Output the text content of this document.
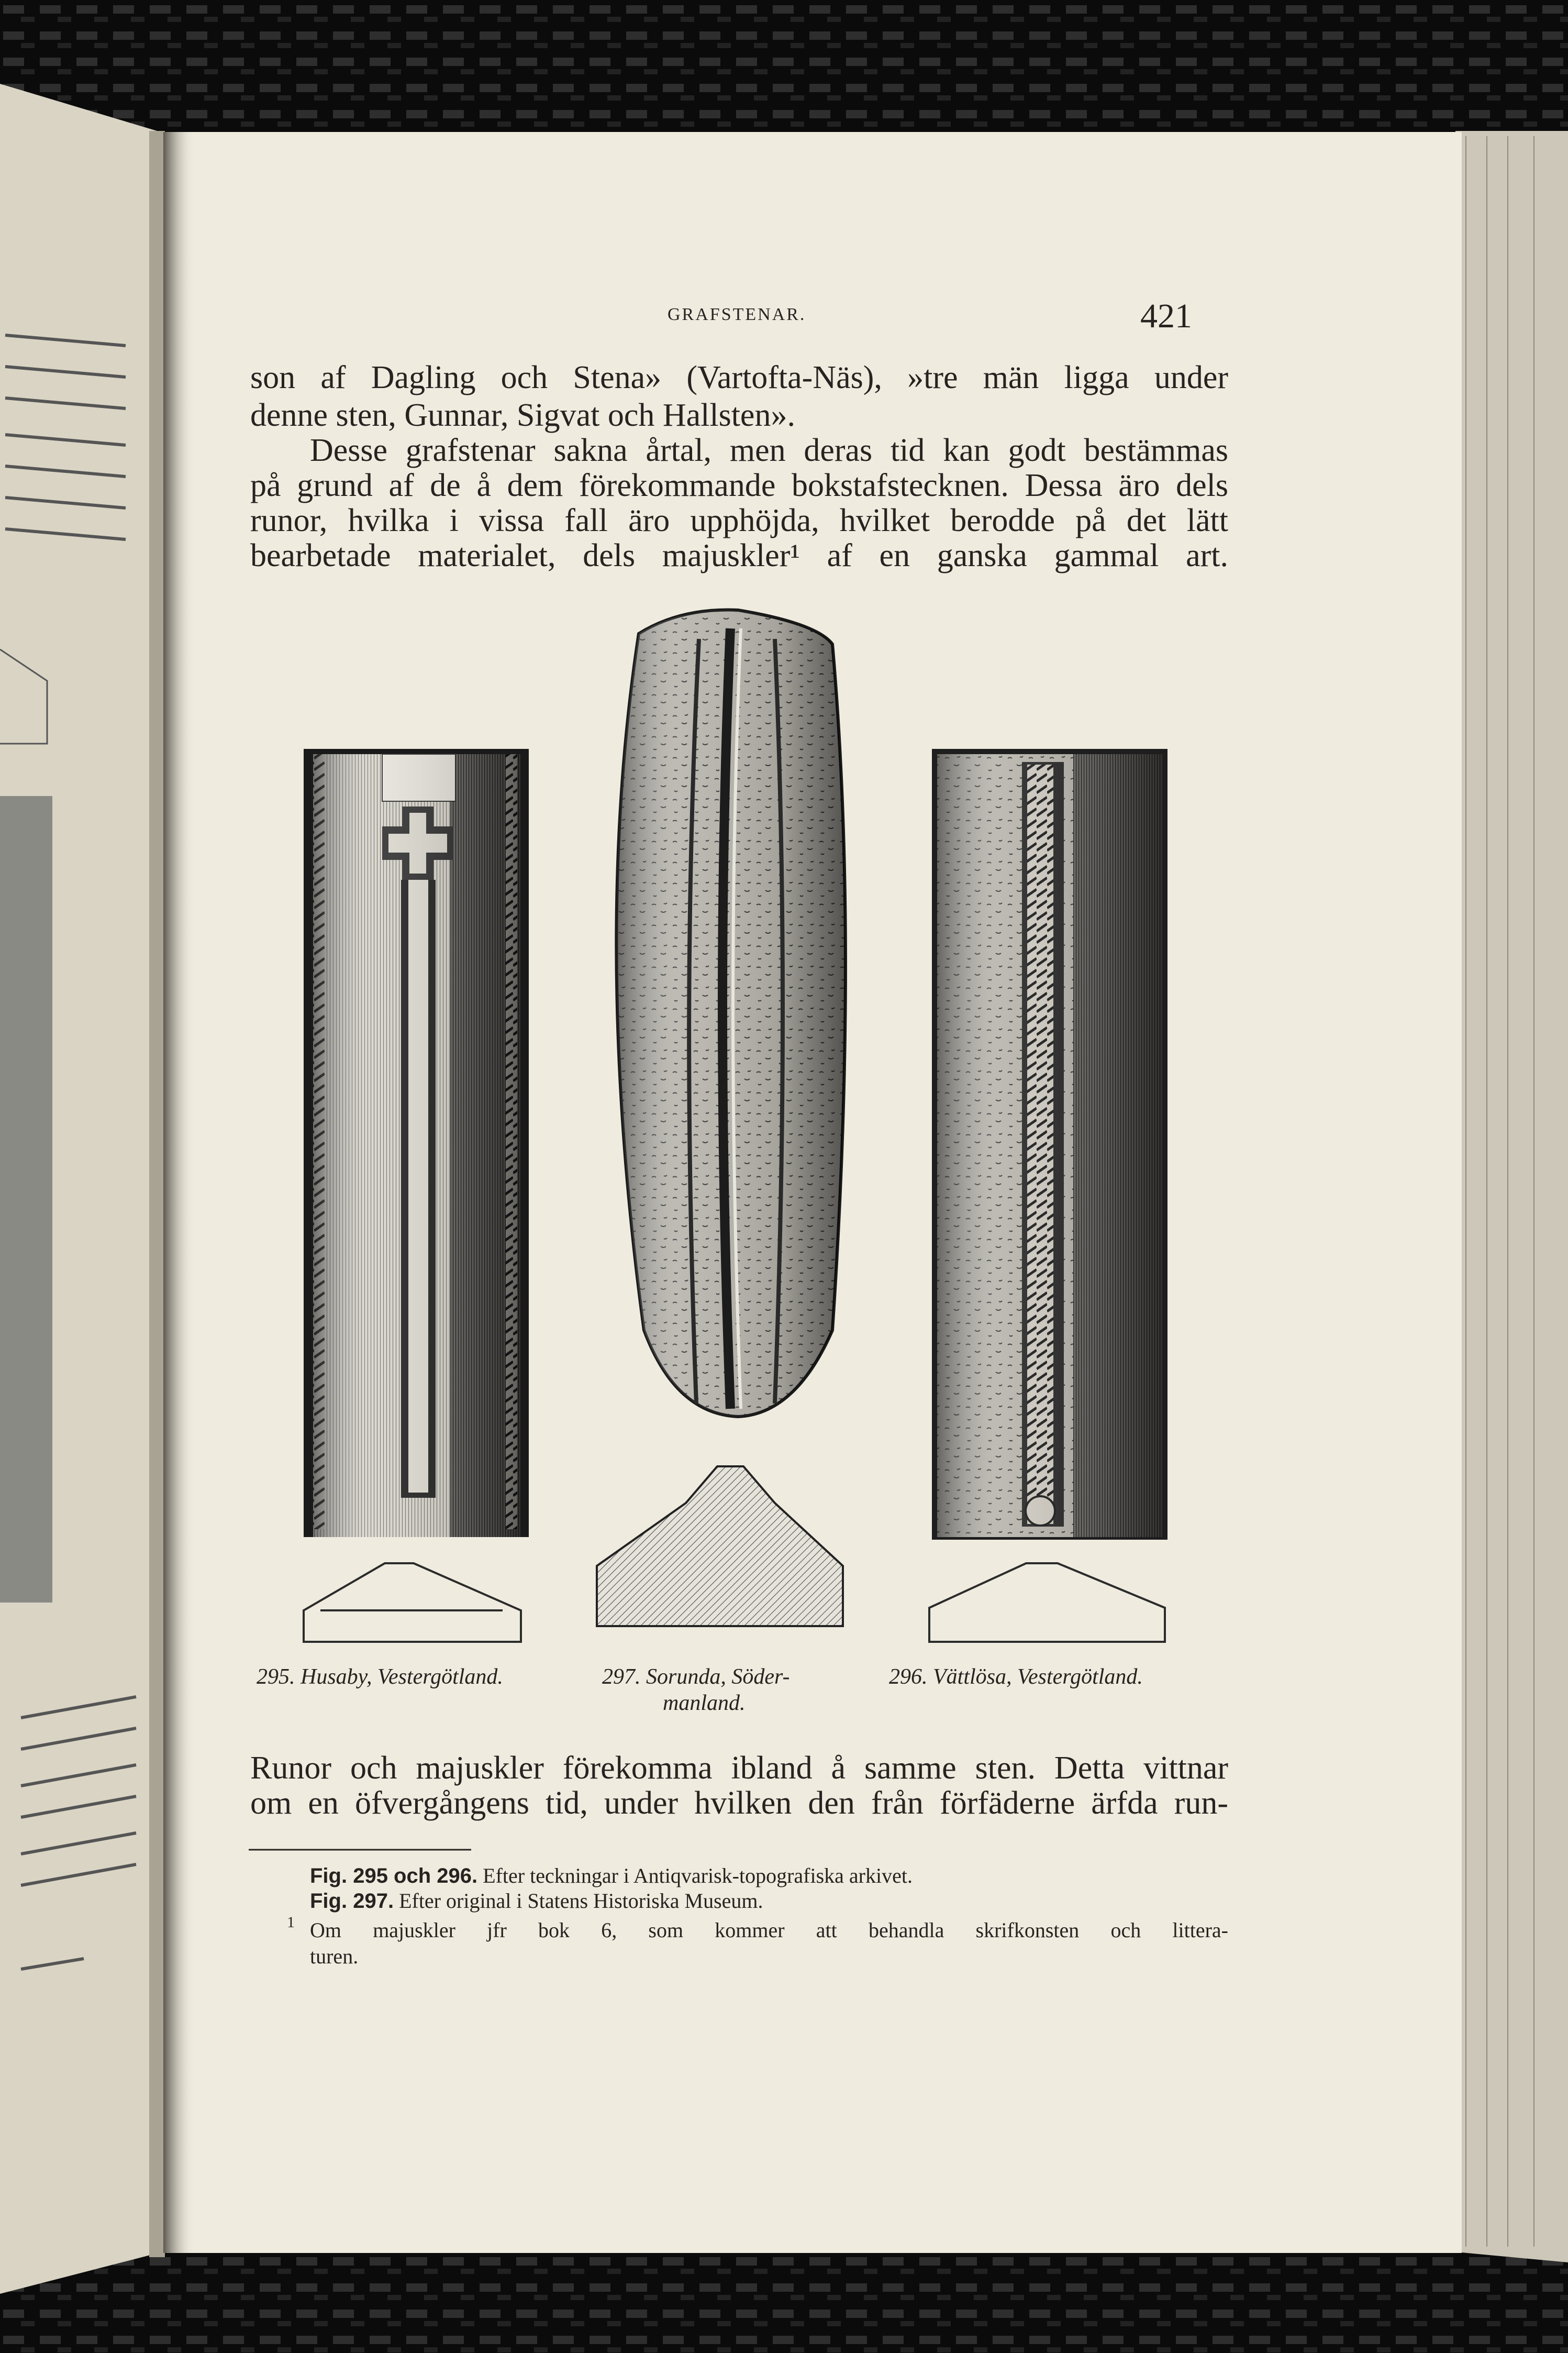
GRAFSTENAR.	421
son af Dagling och Stena» (Vartofta-Näs), »tre män ligga under
denne sten, Gunnar, Sigvat och Hallsten».
Desse grafstenar sakna årtal, men deras tid kan godt bestämmas
på grund af de å dem förekommande bokstafstecknen. Dessa äro dels
runor, hvilka i vissa fall äro upphöjda, hvilket berodde på det lätt
bearbetade materialet, dels majuskler¹ af en ganska gammal art.
295. Husaby, Vestergötland.	297. Sorunda, Söder-
manland.
296. Vättlösa, Vestergötland.
Runor och majuskler förekomma ibland å samme sten. Detta vittnar
om en öfvergångens tid, under hvilken den från förfäderne ärfda run-
Fig. 295 och 296. Efter teckningar i Antiqvarisk-topografiska arkivet.
Fig. 297. Efter original i Statens Historiska Museum.
1 Om majuskler jfr bok 6, som kommer att behandla skrifkonsten och littera-
turen.
